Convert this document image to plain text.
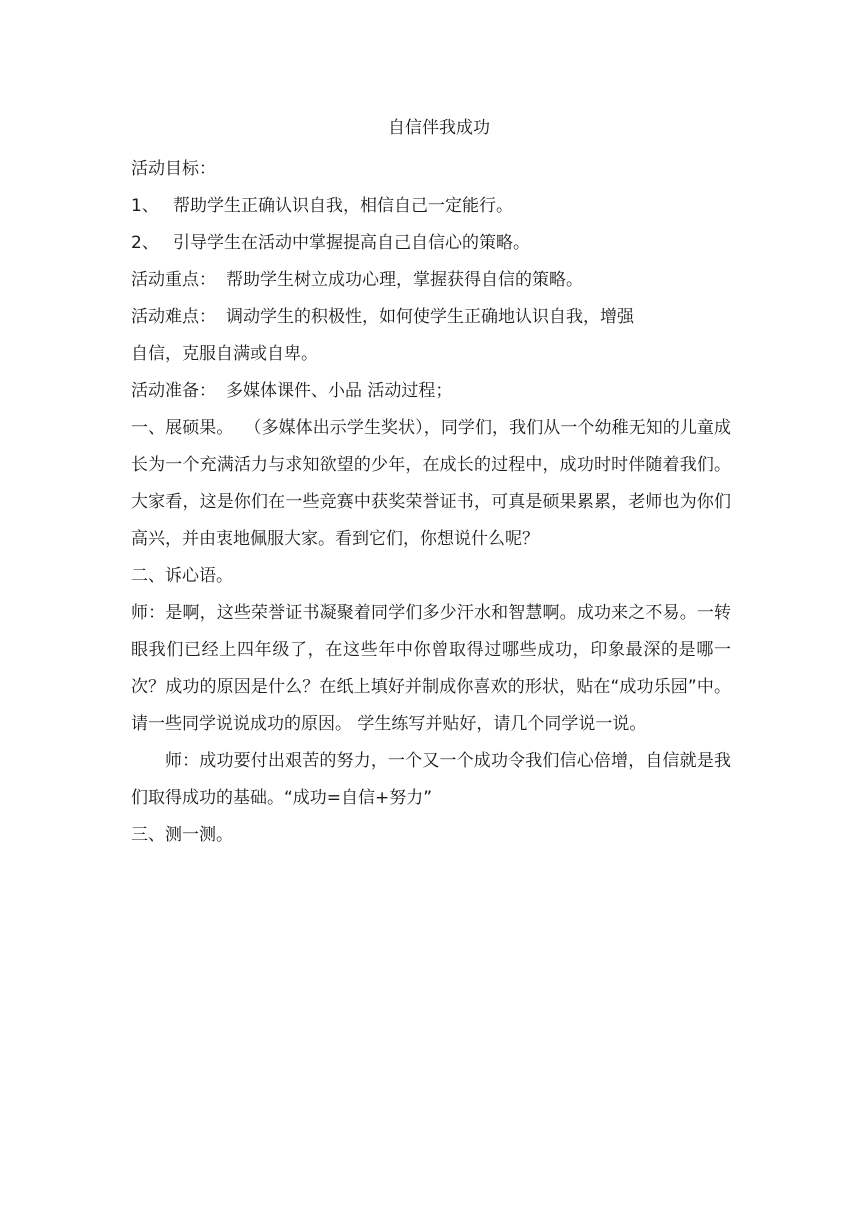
自信伴我成功

活动目标：

1、 帮助学生正确认识自我，相信自己一定能行。

2、 引导学生在活动中掌握提高自己自信心的策略。

活动重点： 帮助学生树立成功心理，掌握获得自信的策略。

活动难点： 调动学生的积极性，如何使学生正确地认识自我，增强

自信，克服自满或自卑。

活动准备： 多媒体课件、小品 活动过程；

一、展硕果。 （多媒体出示学生奖状），同学们，我们从一个幼稚无知的儿童成长为一个充满活力与求知欲望的少年，在成长的过程中，成功时时伴随着我们。大家看，这是你们在一些竞赛中获奖荣誉证书，可真是硕果累累，老师也为你们高兴，并由衷地佩服大家。看到它们，你想说什么呢？

二、诉心语。

师：是啊，这些荣誉证书凝聚着同学们多少汗水和智慧啊。成功来之不易。一转眼我们已经上四年级了，在这些年中你曾取得过哪些成功，印象最深的是哪一次？成功的原因是什么？在纸上填好并制成你喜欢的形状，贴在“成功乐园”中。请一些同学说说成功的原因。 学生练写并贴好，请几个同学说一说。

师：成功要付出艰苦的努力，一个又一个成功令我们信心倍增，自信就是我们取得成功的基础。“成功=自信+努力”

三、测一测。
